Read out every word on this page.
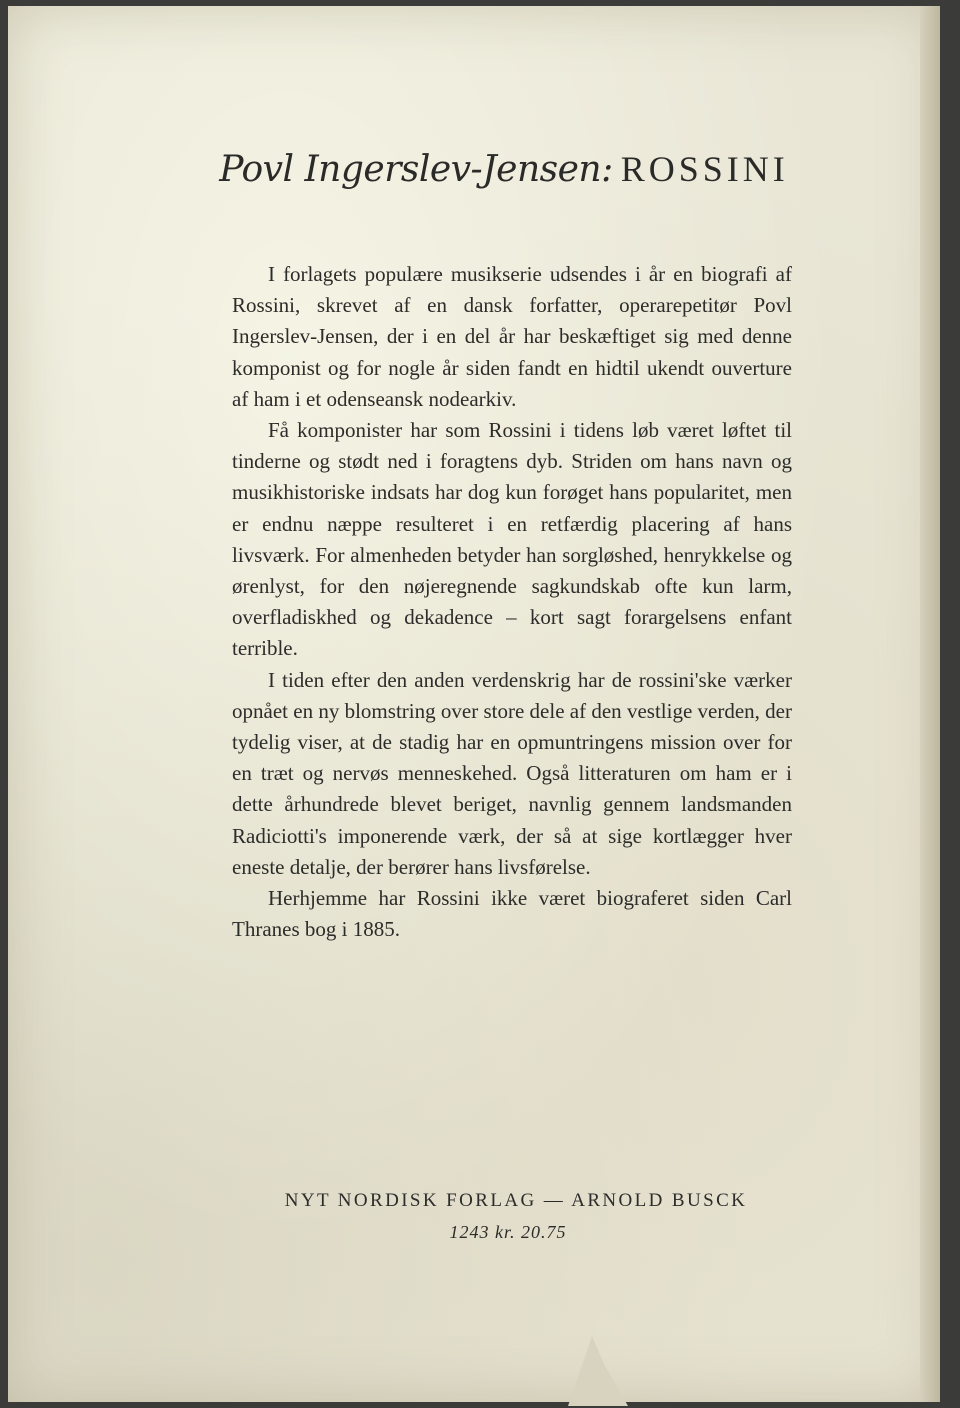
Povl Ingerslev-Jensen: ROSSINI

I forlagets populære musikserie udsendes i år en biografi af Rossini, skrevet af en dansk forfatter, operarepetitør Povl Ingerslev-Jensen, der i en del år har beskæftiget sig med denne komponist og for nogle år siden fandt en hidtil ukendt ouverture af ham i et odenseansk nodearkiv.

Få komponister har som Rossini i tidens løb været løftet til tinderne og stødt ned i foragtens dyb. Striden om hans navn og musikhistoriske indsats har dog kun forøget hans popularitet, men er endnu næppe resulteret i en retfærdig placering af hans livsværk. For almenheden betyder han sorgløshed, henrykkelse og ørenlyst, for den nøjeregnende sagkundskab ofte kun larm, overfladiskhed og dekadence – kort sagt forargelsens enfant terrible.

I tiden efter den anden verdenskrig har de rossini'ske værker opnået en ny blomstring over store dele af den vestlige verden, der tydelig viser, at de stadig har en opmuntringens mission over for en træt og nervøs menneskehed. Også litteraturen om ham er i dette århundrede blevet beriget, navnlig gennem landsmanden Radiciotti's imponerende værk, der så at sige kortlægger hver eneste detalje, der berører hans livsførelse.

Herhjemme har Rossini ikke været biograferet siden Carl Thranes bog i 1885.

NYT NORDISK FORLAG — ARNOLD BUSCK
1243 kr. 20.75
